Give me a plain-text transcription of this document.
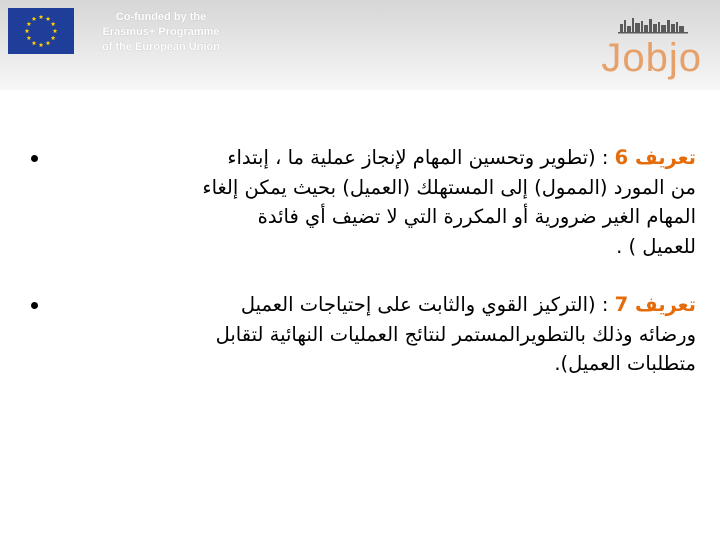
Co-funded by the
Erasmus+ Programme
of the European Union	Jobjo
تعريف 6 : (تطوير وتحسين المهام لإنجاز عملية ما ، إبتداء
من المورد (الممول) إلى المستهلك (العميل) بحيث يمكن إلغاء
المهام الغير ضرورية أو المكررة التي لا تضيف أي فائدة
للعميل ) .
تعريف 7 : (التركيز القوي والثابت على إحتياجات العميل
ورضائه وذلك بالتطويرالمستمر لنتائج العمليات النهائية لتقابل
متطلبات العميل).
